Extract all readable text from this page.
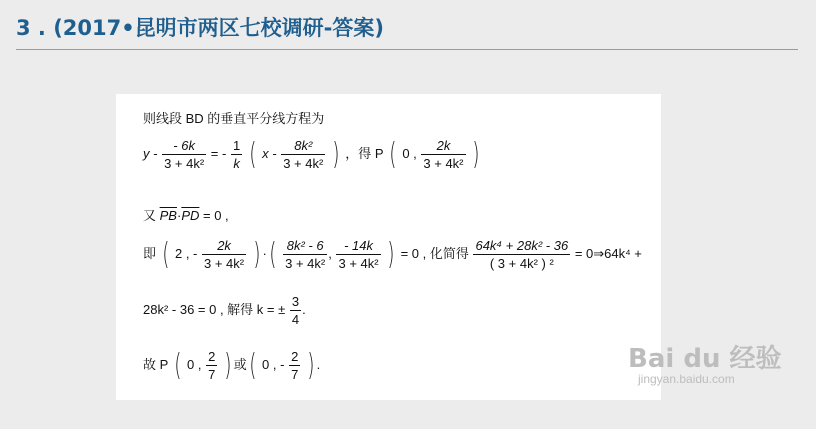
3 . (2017•昆明市两区七校调研-答案)
则线段 BD 的垂直平分线方程为
y - $\frac{- 6k}{\text{3 + 4k²}}$ = - $\frac{1}{k}$ ( x - $\frac{\text{8k²}}{\text{3 + 4k²}}$ ) ，得 P ( 0 , $\frac{2k}{\text{3 + 4k²}}$ )
又 $\overline{PB}\cdot\overline{PD} = 0$ ,
即 ( 2 , - $\frac{2k}{\text{3 + 4k²}}$ ) ·( $\frac{\text{8k² - 6}}{\text{3 + 4k²}}$ , $\frac{- 14k}{\text{3 + 4k²}}$ ) = 0 , 化简得 $\frac{\text{64k⁴ + 28k² - 36}}{\text{( 3 + 4k² ) ²}}$ = 0⇒64k⁴ +
28k² - 36 = 0 , 解得 k = ± $\frac{3}{4}$ .
故 P ( 0 , $\frac{2}{7}$ ) 或( 0 , - $\frac{2}{7}$ ) .	Bai du 经验
jingyan.baidu.com
